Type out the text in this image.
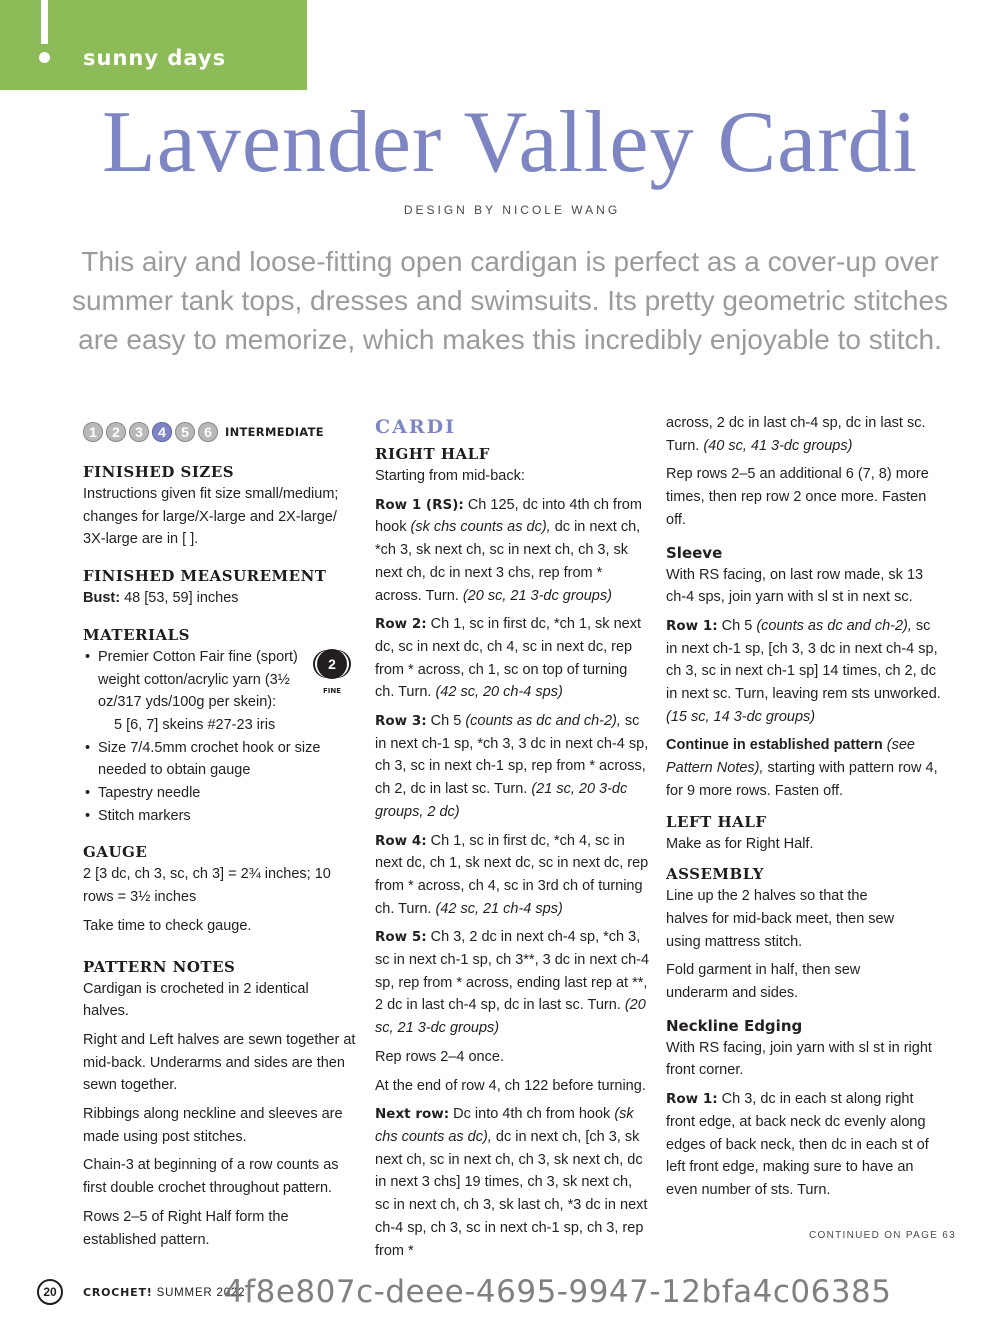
sunny days
Lavender Valley Cardi
DESIGN BY NICOLE WANG
This airy and loose-fitting open cardigan is perfect as a cover-up over summer tank tops, dresses and swimsuits. Its pretty geometric stitches are easy to memorize, which makes this incredibly enjoyable to stitch.
1	2	3	4	5	6	INTERMEDIATE
FINISHED SIZES

Instructions given fit size small/medium; changes for large/X-large and 2X-large/ 3X-large are in [ ].

FINISHED MEASUREMENT

Bust: 48 [53, 59] inches

MATERIALS
• Premier Cotton Fair fine (sport) weight cotton/acrylic yarn (3½ oz/317 yds/100g per skein):
5 [6, 7] skeins #27-23 iris
• Size 7/4.5mm crochet hook or size needed to obtain gauge
• Tapestry needle
• Stitch markers
2
FINE
GAUGE

2 [3 dc, ch 3, sc, ch 3] = 2¾ inches; 10 rows = 3½ inches

Take time to check gauge.

PATTERN NOTES

Cardigan is crocheted in 2 identical halves.

Right and Left halves are sewn together at mid-back. Underarms and sides are then sewn together.

Ribbings along neckline and sleeves are made using post stitches.

Chain-3 at beginning of a row counts as first double crochet throughout pattern.

Rows 2–5 of Right Half form the established pattern.

CARDI
RIGHT HALF

Starting from mid-back:

Row 1 (RS): Ch 125, dc into 4th ch from hook (sk chs counts as dc), dc in next ch, *ch 3, sk next ch, sc in next ch, ch 3, sk next ch, dc in next 3 chs, rep from * across. Turn. (20 sc, 21 3-dc groups)

Row 2: Ch 1, sc in first dc, *ch 1, sk next dc, sc in next dc, ch 4, sc in next dc, rep from * across, ch 1, sc on top of turning ch. Turn. (42 sc, 20 ch-4 sps)

Row 3: Ch 5 (counts as dc and ch-2), sc in next ch-1 sp, *ch 3, 3 dc in next ch-4 sp, ch 3, sc in next ch-1 sp, rep from * across, ch 2, dc in last sc. Turn. (21 sc, 20 3-dc groups, 2 dc)

Row 4: Ch 1, sc in first dc, *ch 4, sc in next dc, ch 1, sk next dc, sc in next dc, rep from * across, ch 4, sc in 3rd ch of turning ch. Turn. (42 sc, 21 ch-4 sps)

Row 5: Ch 3, 2 dc in next ch-4 sp, *ch 3, sc in next ch-1 sp, ch 3**, 3 dc in next ch-4 sp, rep from * across, ending last rep at **, 2 dc in last ch-4 sp, dc in last sc. Turn. (20 sc, 21 3-dc groups)

Rep rows 2–4 once.

At the end of row 4, ch 122 before turning.

Next row: Dc into 4th ch from hook (sk chs counts as dc), dc in next ch, [ch 3, sk next ch, sc in next ch, ch 3, sk next ch, dc in next 3 chs] 19 times, ch 3, sk next ch, sc in next ch, ch 3, sk last ch, *3 dc in next ch-4 sp, ch 3, sc in next ch-1 sp, ch 3, rep from *

across, 2 dc in last ch-4 sp, dc in last sc. Turn. (40 sc, 41 3-dc groups)

Rep rows 2–5 an additional 6 (7, 8) more times, then rep row 2 once more. Fasten off.

Sleeve

With RS facing, on last row made, sk 13 ch-4 sps, join yarn with sl st in next sc.

Row 1: Ch 5 (counts as dc and ch-2), sc in next ch-1 sp, [ch 3, 3 dc in next ch-4 sp, ch 3, sc in next ch-1 sp] 14 times, ch 2, dc in next sc. Turn, leaving rem sts unworked. (15 sc, 14 3-dc groups)

Continue in established pattern (see Pattern Notes), starting with pattern row 4, for 9 more rows. Fasten off.

LEFT HALF

Make as for Right Half.

ASSEMBLY

Line up the 2 halves so that the halves for mid-back meet, then sew using mattress stitch.

Fold garment in half, then sew underarm and sides.

Neckline Edging

With RS facing, join yarn with sl st in right front corner.

Row 1: Ch 3, dc in each st along right front edge, at back neck dc evenly along edges of back neck, then dc in each st of left front edge, making sure to have an even number of sts. Turn.

CONTINUED ON PAGE 63
20	CROCHET! SUMMER 2022
4f8e807c-deee-4695-9947-12bfa4c06385
